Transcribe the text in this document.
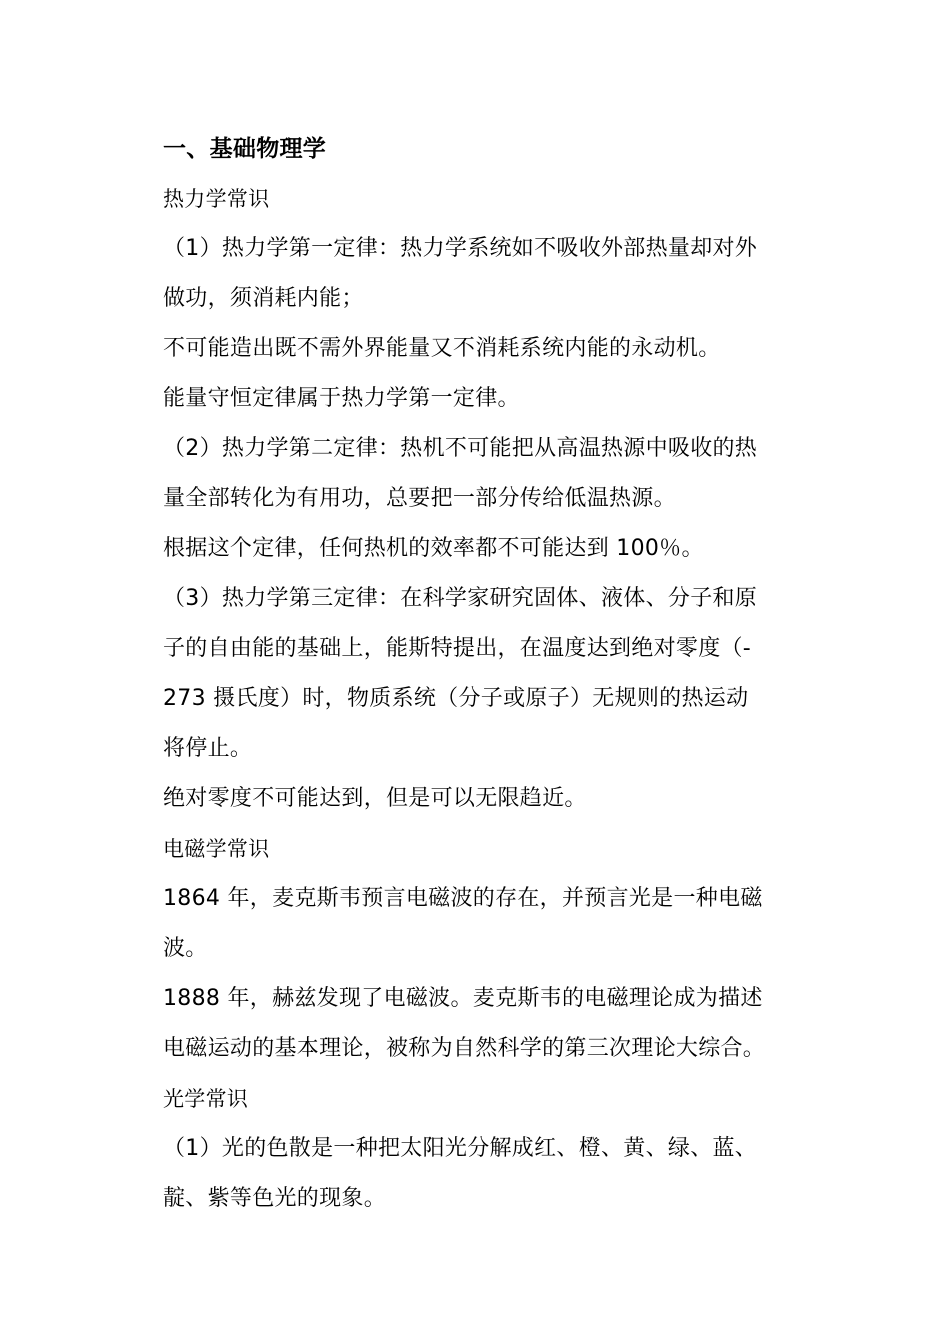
一、基础物理学
热力学常识
（1）热力学第一定律：热力学系统如不吸收外部热量却对外
做功，须消耗内能；
不可能造出既不需外界能量又不消耗系统内能的永动机。
能量守恒定律属于热力学第一定律。
（2）热力学第二定律：热机不可能把从高温热源中吸收的热
量全部转化为有用功，总要把一部分传给低温热源。
根据这个定律，任何热机的效率都不可能达到 100％。
（3）热力学第三定律：在科学家研究固体、液体、分子和原
子的自由能的基础上，能斯特提出，在温度达到绝对零度（-
273 摄氏度）时，物质系统（分子或原子）无规则的热运动
将停止。
绝对零度不可能达到，但是可以无限趋近。
电磁学常识
1864 年，麦克斯韦预言电磁波的存在，并预言光是一种电磁
波。
1888 年，赫兹发现了电磁波。麦克斯韦的电磁理论成为描述
电磁运动的基本理论，被称为自然科学的第三次理论大综合。
光学常识
（1）光的色散是一种把太阳光分解成红、橙、黄、绿、蓝、
靛、紫等色光的现象。
